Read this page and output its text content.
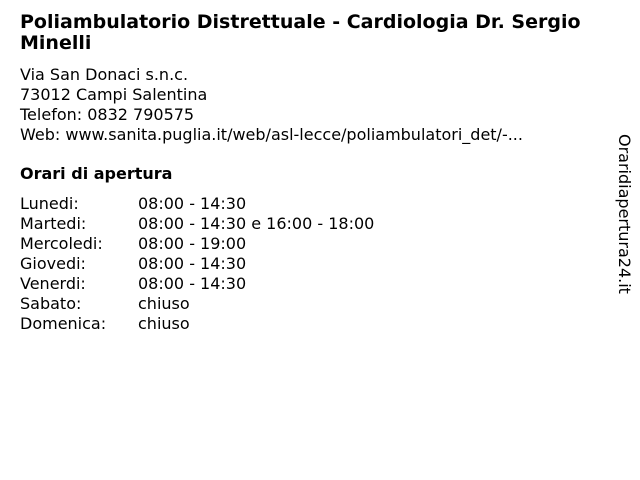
Poliambulatorio Distrettuale - Cardiologia Dr. Sergio Minelli
Via San Donaci s.n.c.
73012 Campi Salentina
Telefon: 0832 790575
Web: www.sanita.puglia.it/web/asl-lecce/poliambulatori_det/-...
Orari di apertura
Lunedi:	08:00 - 14:30
Martedi:	08:00 - 14:30 e 16:00 - 18:00
Mercoledi:	08:00 - 19:00
Giovedi:	08:00 - 14:30
Venerdi:	08:00 - 14:30
Sabato:	chiuso
Domenica:	chiuso
Oraridiapertura24.it
